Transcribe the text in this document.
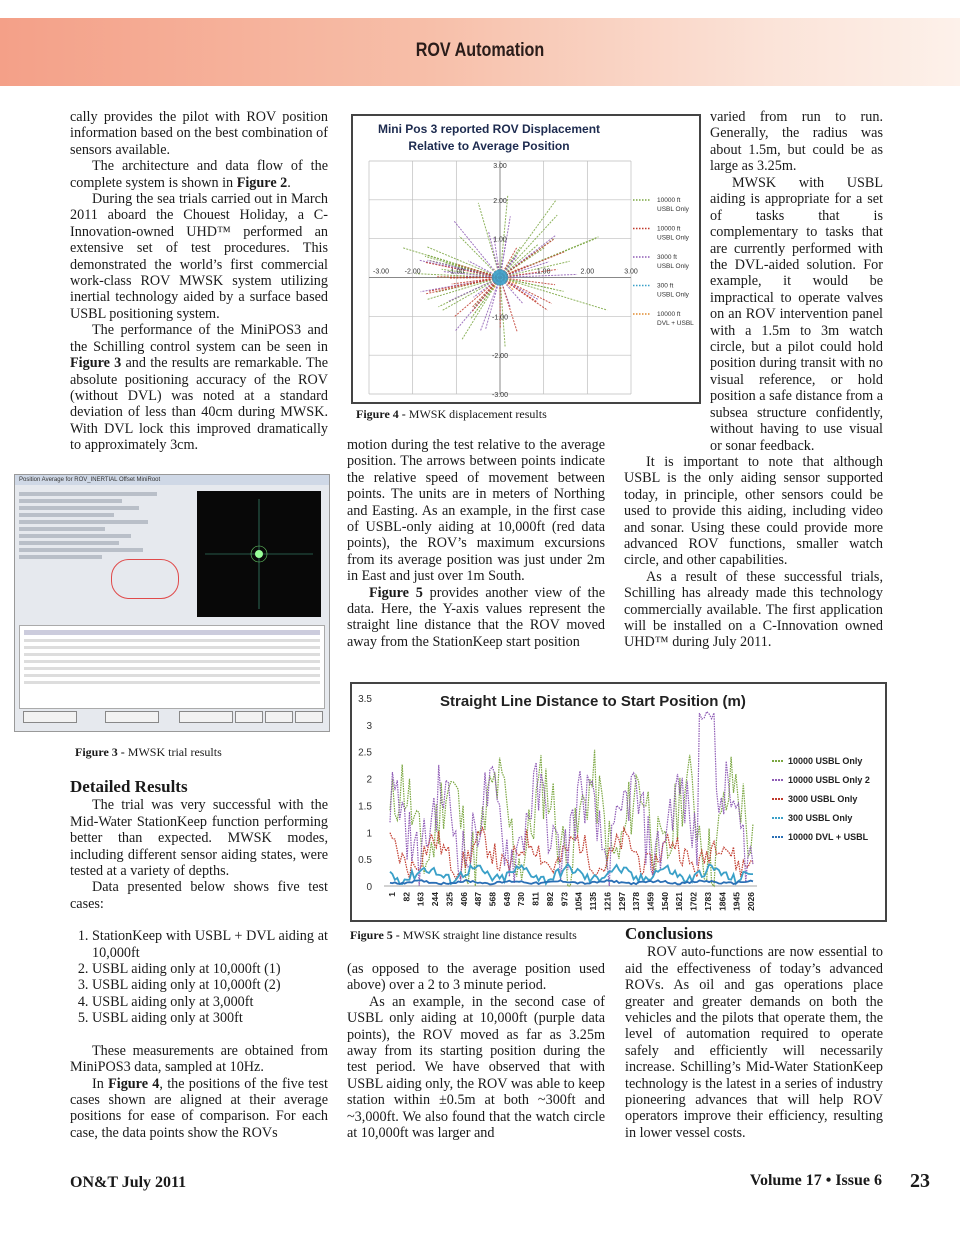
ROV Automation

cally provides the pilot with ROV position information based on the best combination of sensors available.

The architecture and data flow of the complete system is shown in Figure 2.

During the sea trials carried out in March 2011 aboard the Chouest Holiday, a C-Innovation-owned UHD™ performed an extensive set of test procedures. This demonstrated the world’s first commercial work-class ROV MWSK system utilizing inertial technology aided by a surface based USBL positioning system.

The performance of the MiniPOS3 and the Schilling control system can be seen in Figure 3 and the results are remarkable. The absolute positioning accuracy of the ROV (without DVL) was noted at a standard deviation of less than 40cm during MWSK. With DVL lock this improved dramatically to approximately 3cm.

Position Average for ROV_INERTIAL Offset MiniRoot
Figure 3 - MWSK trial results
Detailed Results

The trial was very successful with the Mid-Water StationKeep function performing better than expected. MWSK modes, including different sensor aiding states, were tested at a variety of depths.

Data presented below shows five test cases:

1. StationKeep with USBL + DVL aiding at 10,000ft
2. USBL aiding only at 10,000ft (1)
3. USBL aiding only at 10,000ft (2)
4. USBL aiding only at 3,000ft
5. USBL aiding only at 300ft

These measurements are obtained from MiniPOS3 data, sampled at 10Hz.

In Figure 4, the positions of the five test cases shown are aligned at their average positions for ease of comparison. For each case, the data points show the ROVs

Mini Pos 3 reported ROV Displacement
Relative to Average Position
-3.00 -2.00	-1.00	1.00	2.00	3.00
3.00
2.00
1.00
-1.00
-2.00
-3.00
10000 ft
USBL Only
10000 ft
USBL Only
3000 ft
USBL Only
300 ft
USBL Only
10000 ft
DVL + USBL
Figure 4 - MWSK displacement results

motion during the test relative to the average position. The arrows between points indicate the relative speed of movement between points. The units are in meters of Northing and Easting. As an example, in the first case of USBL-only aiding at 10,000ft (red data points), the ROV’s maximum excursions from its average position was just under 2m in East and just over 1m South.

Figure 5 provides another view of the data. Here, the Y-axis values represent the straight line distance that the ROV moved away from the StationKeep start position

varied from run to run. Generally, the radius was about 1.5m, but could be as large as 3.25m.

MWSK with USBL aiding is appropriate for a set of tasks that is complementary to tasks that are currently performed with the DVL-aided solution. For example, it would be impractical to operate valves on an ROV intervention panel with a 1.5m to 3m watch circle, but a pilot could hold position during transit with no visual reference, or hold position a safe distance from a subsea structure confidently, without having to use visual or sonar feedback.

It is important to note that although USBL is the only aiding sensor supported today, in principle, other sensors could be used to provide this aiding, including video and sonar. Using these could provide more advanced ROV functions, smaller watch circle, and other capabilities.

As a result of these successful trials, Schilling has already made this technology commercially available. The first application will be installed on a C-Innovation owned UHD™ during July 2011.

Straight Line Distance to Start Position (m)
3.5
3
2.5
2
1.5
1
0.5
0
1 82 163 244 325 406 487 568 649 730 811 892 973 1054 1135 1216 1297 1378 1459 1540 1621 1702 1783 1864 1945 2026
10000 USBL Only
10000 USBL Only 2
3000 USBL Only
300 USBL Only
10000 DVL + USBL
Figure 5 - MWSK straight line distance results

(as opposed to the average position used above) over a 2 to 3 minute period.

As an example, in the second case of USBL only aiding at 10,000ft (purple data points), the ROV moved as far as 3.25m away from its starting position during the test period. We have observed that with USBL aiding only, the ROV was able to keep station within ±0.5m at both ~300ft and ~3,000ft. We also found that the watch circle at 10,000ft was larger and

Conclusions

ROV auto-functions are now essential to aid the effectiveness of today’s advanced ROVs. As oil and gas operations place greater and greater demands on both the vehicles and the pilots that operate them, the level of automation required to operate safely and efficiently will necessarily increase. Schilling’s Mid-Water StationKeep technology is the latest in a series of industry pioneering advances that will help ROV operators improve their efficiency, resulting in lower vessel costs.

ON&T July 2011	Volume 17 • Issue 6 23
